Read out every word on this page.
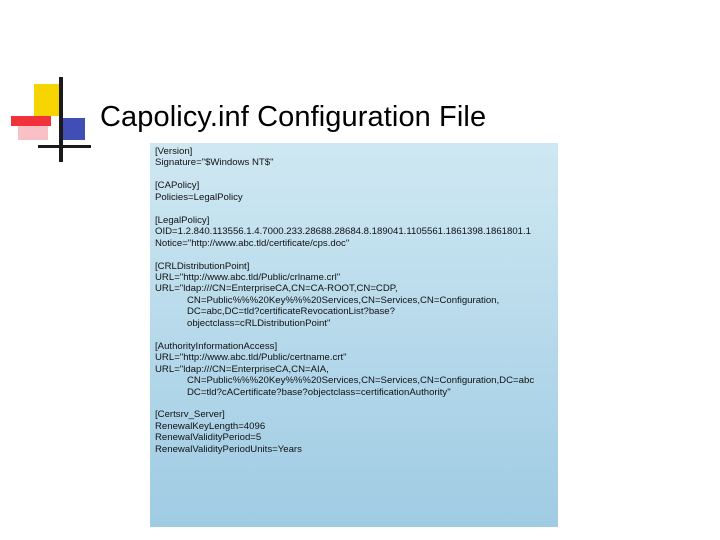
Capolicy.inf Configuration File
[Version]
Signature="$Windows NT$"

[CAPolicy]
Policies=LegalPolicy

[LegalPolicy]
OID=1.2.840.113556.1.4.7000.233.28688.28684.8.189041.1105561.1861398.1861801.1
Notice="http://www.abc.tld/certificate/cps.doc"

[CRLDistributionPoint]
URL="http://www.abc.tld/Public/crlname.crl"
URL="ldap:///CN=EnterpriseCA,CN=CA-ROOT,CN=CDP,
CN=Public%%%20Key%%%20Services,CN=Services,CN=Configuration,
DC=abc,DC=tld?certificateRevocationList?base?
objectclass=cRLDistributionPoint"

[AuthorityInformationAccess]
URL="http://www.abc.tld/Public/certname.crt"
URL="ldap:///CN=EnterpriseCA,CN=AIA,
CN=Public%%%20Key%%%20Services,CN=Services,CN=Configuration,DC=abc
DC=tld?cACertificate?base?objectclass=certificationAuthority"

[Certsrv_Server]
RenewalKeyLength=4096
RenewalValidityPeriod=5
RenewalValidityPeriodUnits=Years
